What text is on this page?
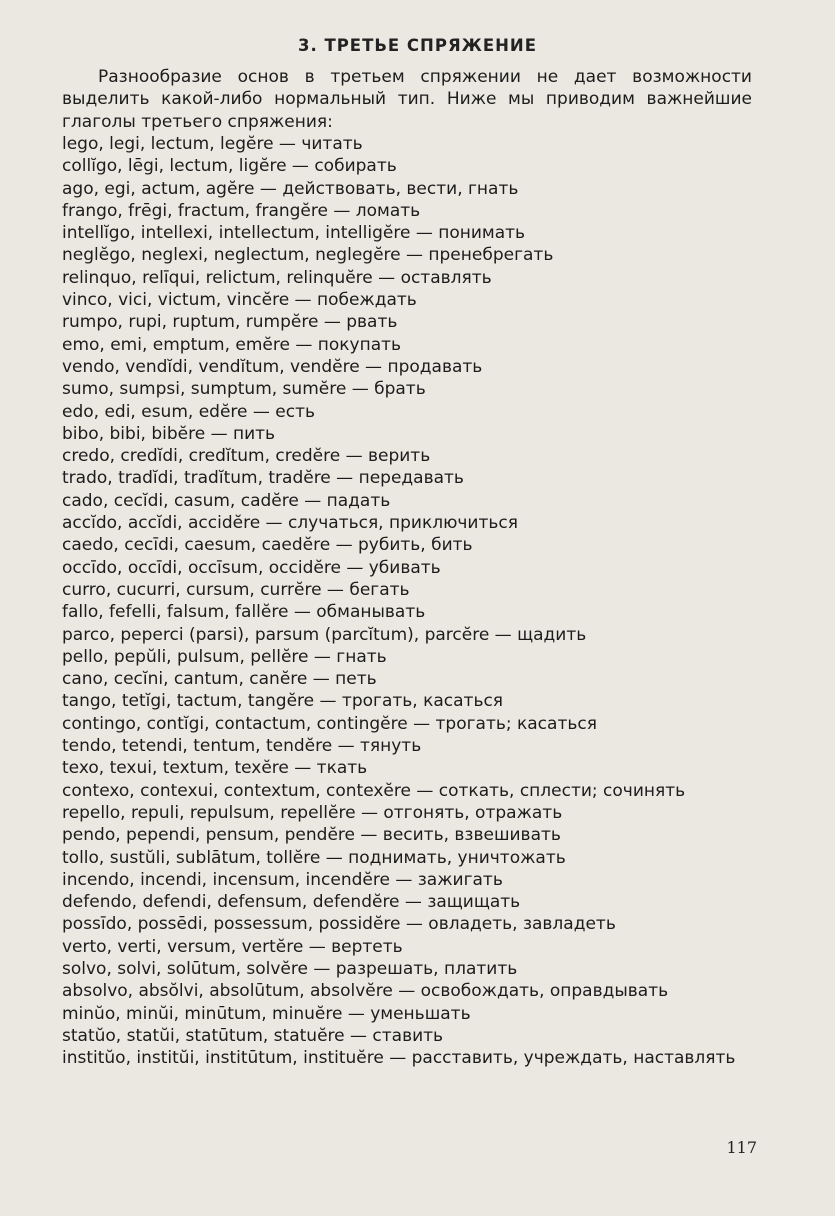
3. ТРЕТЬЕ СПРЯЖЕНИЕ
Разнообразие основ в третьем спряжении не дает возможности выделить какой-либо нормальный тип. Ниже мы приводим важнейшие глаголы третьего спряжения:
lego, legi, lectum, legĕre — читать
collĭgo, lēgi, lectum, ligĕre — собирать
ago, egi, actum, agĕre — действовать, вести, гнать
frango, frēgi, fractum, frangĕre — ломать
intellĭgo, intellexi, intellectum, intelligĕre — понимать
neglĕgo, neglexi, neglectum, neglegĕre — пренебрегать
relinquo, relīqui, relictum, relinquĕre — оставлять
vinco, vici, victum, vincĕre — побеждать
rumpo, rupi, ruptum, rumpĕre — рвать
emo, emi, emptum, emĕre — покупать
vendo, vendĭdi, vendĭtum, vendĕre — продавать
sumo, sumpsi, sumptum, sumĕre — брать
edo, edi, esum, edĕre — есть
bibo, bibi, bibĕre — пить
credo, credĭdi, credĭtum, credĕre — верить
trado, tradĭdi, tradĭtum, tradĕre — передавать
cado, cecĭdi, casum, cadĕre — падать
accĭdo, accĭdi, accidĕre — случаться, приключиться
caedo, cecīdi, caesum, caedĕre — рубить, бить
occīdo, occīdi, occīsum, occidĕre — убивать
curro, cucurri, cursum, currĕre — бегать
fallo, fefelli, falsum, fallĕre — обманывать
parco, peperci (parsi), parsum (parcĭtum), parcĕre — щадить
pello, pepŭli, pulsum, pellĕre — гнать
cano, cecĭni, cantum, canĕre — петь
tango, tetĭgi, tactum, tangĕre — трогать, касаться
contingo, contĭgi, contactum, contingĕre — трогать; касаться
tendo, tetendi, tentum, tendĕre — тянуть
texo, texui, textum, texĕre — ткать
contexo, contexui, contextum, contexĕre — соткать, сплести; сочинять
repello, repuli, repulsum, repellĕre — отгонять, отражать
pendo, pependi, pensum, pendĕre — весить, взвешивать
tollo, sustŭli, sublātum, tollĕre — поднимать, уничтожать
incendo, incendi, incensum, incendĕre — зажигать
defendo, defendi, defensum, defendĕre — защищать
possīdo, possēdi, possessum, possidĕre — овладеть, завладеть
verto, verti, versum, vertĕre — вертеть
solvo, solvi, solūtum, solvĕre — разрешать, платить
absolvo, absŏlvi, absolūtum, absolvĕre — освобождать, оправдывать
minŭo, minŭi, minūtum, minuĕre — уменьшать
statŭo, statŭi, statūtum, statuĕre — ставить
institŭo, institŭi, institūtum, instituĕre — расставить, учреждать, наставлять
117
